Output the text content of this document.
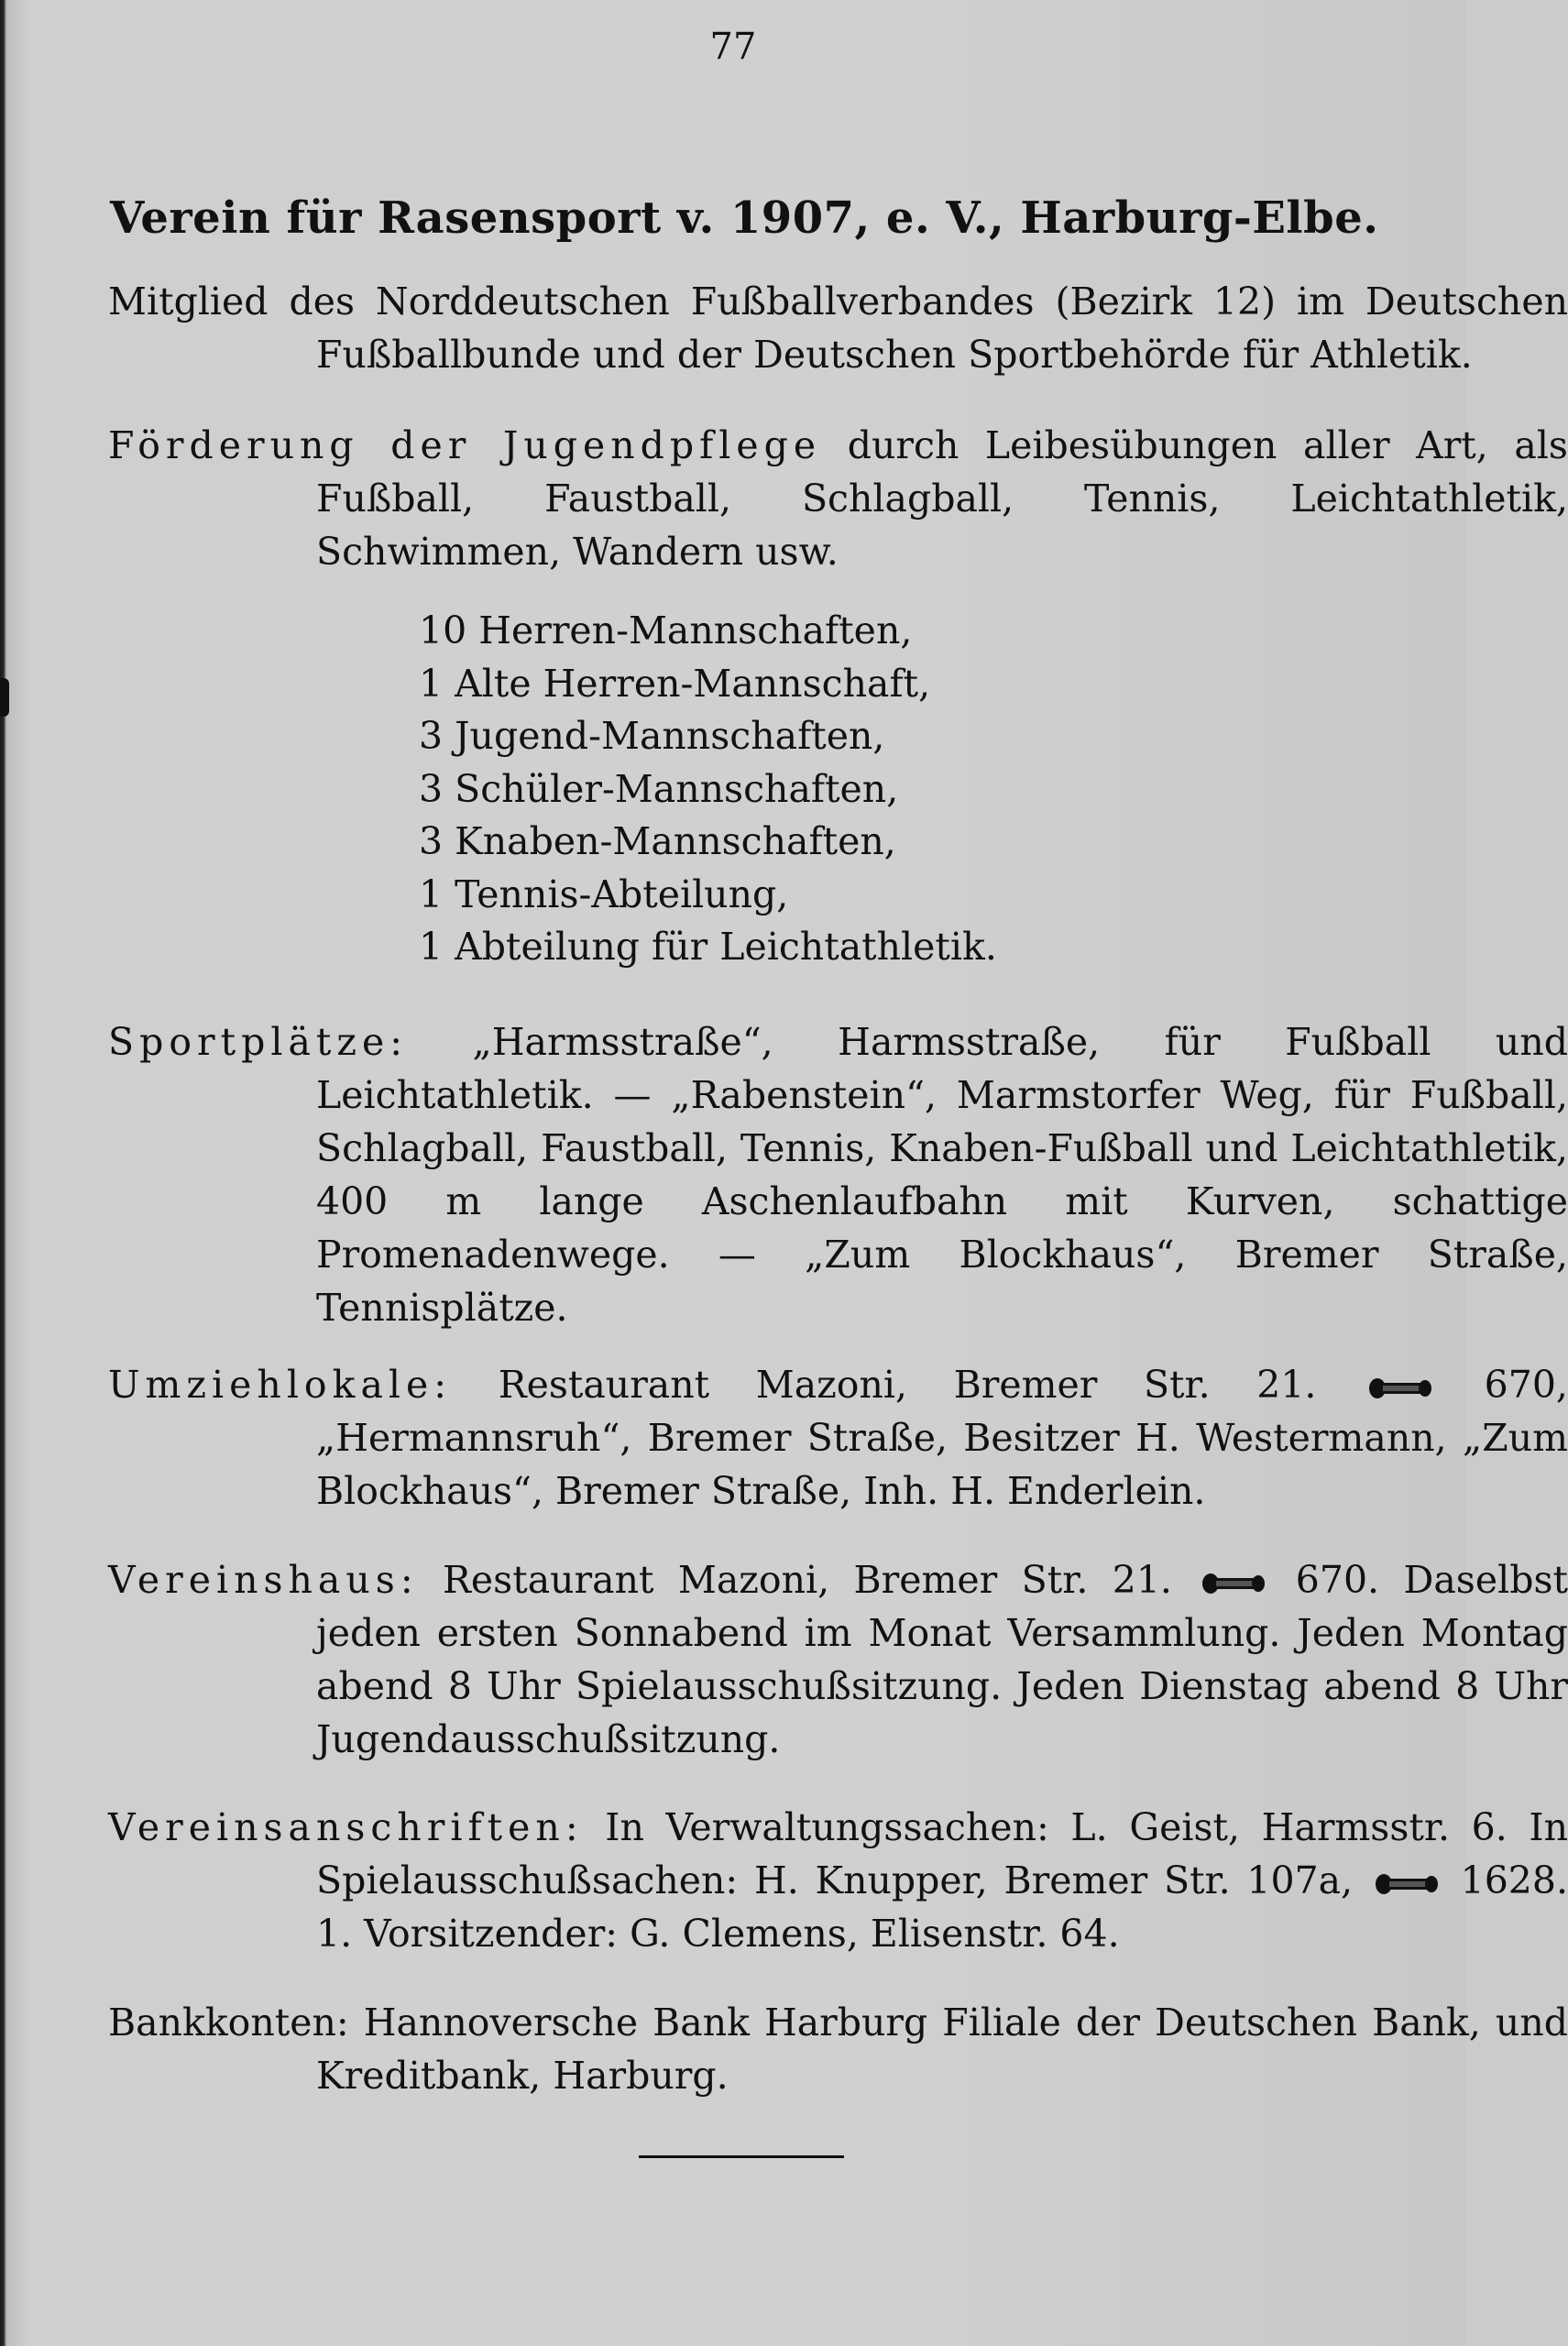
77
Verein für Rasensport v. 1907, e. V., Harburg-Elbe.
Mitglied des Norddeutschen Fußballverbandes (Bezirk 12) im Deutschen Fußballbunde und der Deutschen Sportbehörde für Athletik.
Förderung der Jugendpflege durch Leibesübungen aller Art, als Fußball, Faustball, Schlagball, Tennis, Leichtathletik, Schwimmen, Wandern usw.
10 Herren-Mannschaften,
1 Alte Herren-Mannschaft,
3 Jugend-Mannschaften,
3 Schüler-Mannschaften,
3 Knaben-Mannschaften,
1 Tennis-Abteilung,
1 Abteilung für Leichtathletik.
Sportplätze: „Harmsstraße“, Harmsstraße, für Fußball und Leichtathletik. — „Rabenstein“, Marmstorfer Weg, für Fußball, Schlagball, Faustball, Tennis, Knaben-Fußball und Leichtathletik, 400 m lange Aschenlaufbahn mit Kurven, schattige Promenadenwege. — „Zum Blockhaus“, Bremer Straße, Tennisplätze.
Umziehlokale: Restaurant Mazoni, Bremer Str. 21.	670, „Hermannsruh“, Bremer Straße, Besitzer H. Westermann, „Zum Blockhaus“, Bremer Straße, Inh. H. Enderlein.
Vereinshaus: Restaurant Mazoni, Bremer Str. 21.	670. Daselbst jeden ersten Sonnabend im Monat Versammlung. Jeden Montag abend 8 Uhr Spielausschußsitzung. Jeden Dienstag abend 8 Uhr Jugendausschußsitzung.
Vereinsanschriften: In Verwaltungssachen: L. Geist, Harmsstr. 6. In Spielausschußsachen: H. Knupper, Bremer Str. 107a,	1628. 1. Vorsitzender: G. Clemens, Elisenstr. 64.
Bankkonten: Hannoversche Bank Harburg Filiale der Deutschen Bank, und Kreditbank, Harburg.
